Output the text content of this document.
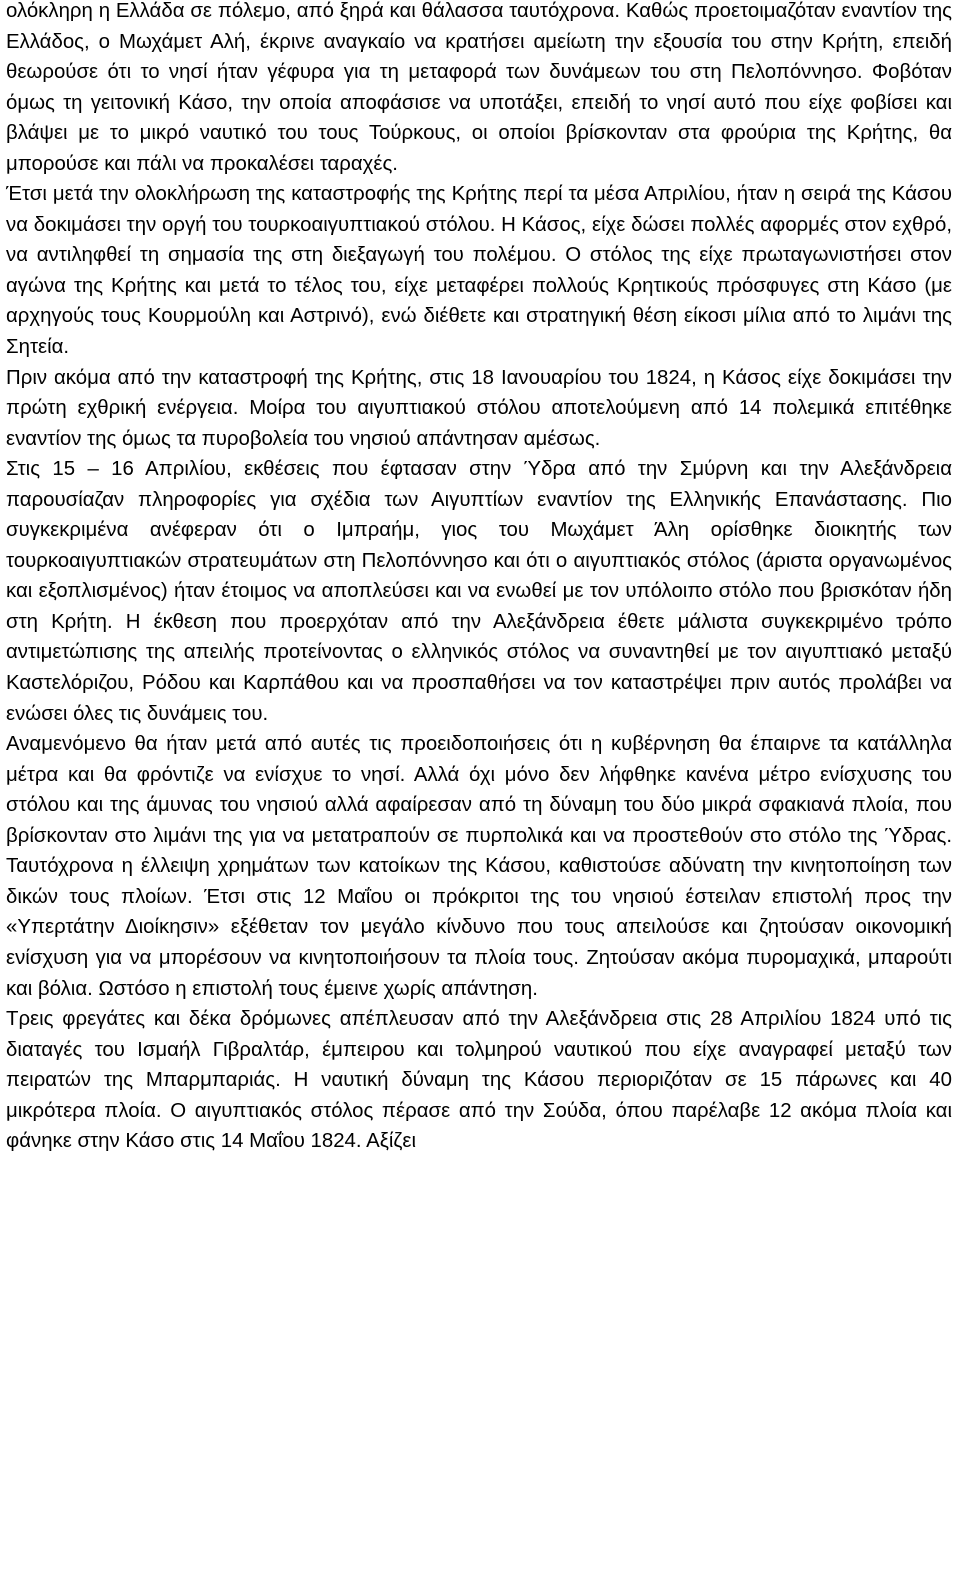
ολόκληρη η Ελλάδα σε πόλεμο, από ξηρά και θάλασσα ταυτόχρονα. Καθώς προετοιμαζόταν εναντίον της Ελλάδος, ο Μωχάμετ Αλή, έκρινε αναγκαίο να κρατήσει αμείωτη την εξουσία του στην Κρήτη, επειδή θεωρούσε ότι το νησί ήταν γέφυρα για τη μεταφορά των δυνάμεων του στη Πελοπόννησο. Φοβόταν όμως τη γειτονική Κάσο, την οποία αποφάσισε να υποτάξει, επειδή το νησί αυτό που είχε φοβίσει και βλάψει με το μικρό ναυτικό του τους Τούρκους, οι οποίοι βρίσκονταν στα φρούρια της Κρήτης, θα μπορούσε και πάλι να προκαλέσει ταραχές.

Έτσι μετά την ολοκλήρωση της καταστροφής της Κρήτης περί τα μέσα Απριλίου, ήταν η σειρά της Κάσου να δοκιμάσει την οργή του τουρκοαιγυπτιακού στόλου. Η Κάσος, είχε δώσει πολλές αφορμές στον εχθρό, να αντιληφθεί τη σημασία της στη διεξαγωγή του πολέμου. Ο στόλος της είχε πρωταγωνιστήσει στον αγώνα της Κρήτης και μετά το τέλος του, είχε μεταφέρει πολλούς Κρητικούς πρόσφυγες στη Κάσο (με αρχηγούς τους Κουρμούλη και Αστρινό), ενώ διέθετε και στρατηγική θέση είκοσι μίλια από το λιμάνι της Σητεία.

Πριν ακόμα από την καταστροφή της Κρήτης, στις 18 Ιανουαρίου του 1824, η Κάσος είχε δοκιμάσει την πρώτη εχθρική ενέργεια. Μοίρα του αιγυπτιακού στόλου αποτελούμενη από 14 πολεμικά επιτέθηκε εναντίον της όμως τα πυροβολεία του νησιού απάντησαν αμέσως.

Στις 15 – 16 Απριλίου, εκθέσεις που έφτασαν στην Ύδρα από την Σμύρνη και την Αλεξάνδρεια παρουσίαζαν πληροφορίες για σχέδια των Αιγυπτίων εναντίον της Ελληνικής Επανάστασης. Πιο συγκεκριμένα ανέφεραν ότι ο Ιμπραήμ, γιος του Μωχάμετ Άλη ορίσθηκε διοικητής των τουρκοαιγυπτιακών στρατευμάτων στη Πελοπόννησο και ότι ο αιγυπτιακός στόλος (άριστα οργανωμένος και εξοπλισμένος) ήταν έτοιμος να αποπλεύσει και να ενωθεί με τον υπόλοιπο στόλο που βρισκόταν ήδη στη Κρήτη. Η έκθεση που προερχόταν από την Αλεξάνδρεια έθετε μάλιστα συγκεκριμένο τρόπο αντιμετώπισης της απειλής προτείνοντας ο ελληνικός στόλος να συναντηθεί με τον αιγυπτιακό μεταξύ Καστελόριζου, Ρόδου και Καρπάθου και να προσπαθήσει να τον καταστρέψει πριν αυτός προλάβει να ενώσει όλες τις δυνάμεις του.

Αναμενόμενο θα ήταν μετά από αυτές τις προειδοποιήσεις ότι η κυβέρνηση θα έπαιρνε τα κατάλληλα μέτρα και θα φρόντιζε να ενίσχυε το νησί. Αλλά όχι μόνο δεν λήφθηκε κανένα μέτρο ενίσχυσης του στόλου και της άμυνας του νησιού αλλά αφαίρεσαν από τη δύναμη του δύο μικρά σφακιανά πλοία, που βρίσκονταν στο λιμάνι της για να μετατραπούν σε πυρπολικά και να προστεθούν στο στόλο της Ύδρας. Ταυτόχρονα η έλλειψη χρημάτων των κατοίκων της Κάσου, καθιστούσε αδύνατη την κινητοποίηση των δικών τους πλοίων. Έτσι στις 12 Μαΐου οι πρόκριτοι της του νησιού έστειλαν επιστολή προς την «Υπερτάτην Διοίκησιν» εξέθεταν τον μεγάλο κίνδυνο που τους απειλούσε και ζητούσαν οικονομική ενίσχυση για να μπορέσουν να κινητοποιήσουν τα πλοία τους. Ζητούσαν ακόμα πυρομαχικά, μπαρούτι και βόλια. Ωστόσο η επιστολή τους έμεινε χωρίς απάντηση.

Τρεις φρεγάτες και δέκα δρόμωνες απέπλευσαν από την Αλεξάνδρεια στις 28 Απριλίου 1824 υπό τις διαταγές του Ισμαήλ Γιβραλτάρ, έμπειρου και τολμηρού ναυτικού που είχε αναγραφεί μεταξύ των πειρατών της Μπαρμπαριάς. Η ναυτική δύναμη της Κάσου περιοριζόταν σε 15 πάρωνες και 40 μικρότερα πλοία. Ο αιγυπτιακός στόλος πέρασε από την Σούδα, όπου παρέλαβε 12 ακόμα πλοία και φάνηκε στην Κάσο στις 14 Μαΐου 1824. Αξίζει
